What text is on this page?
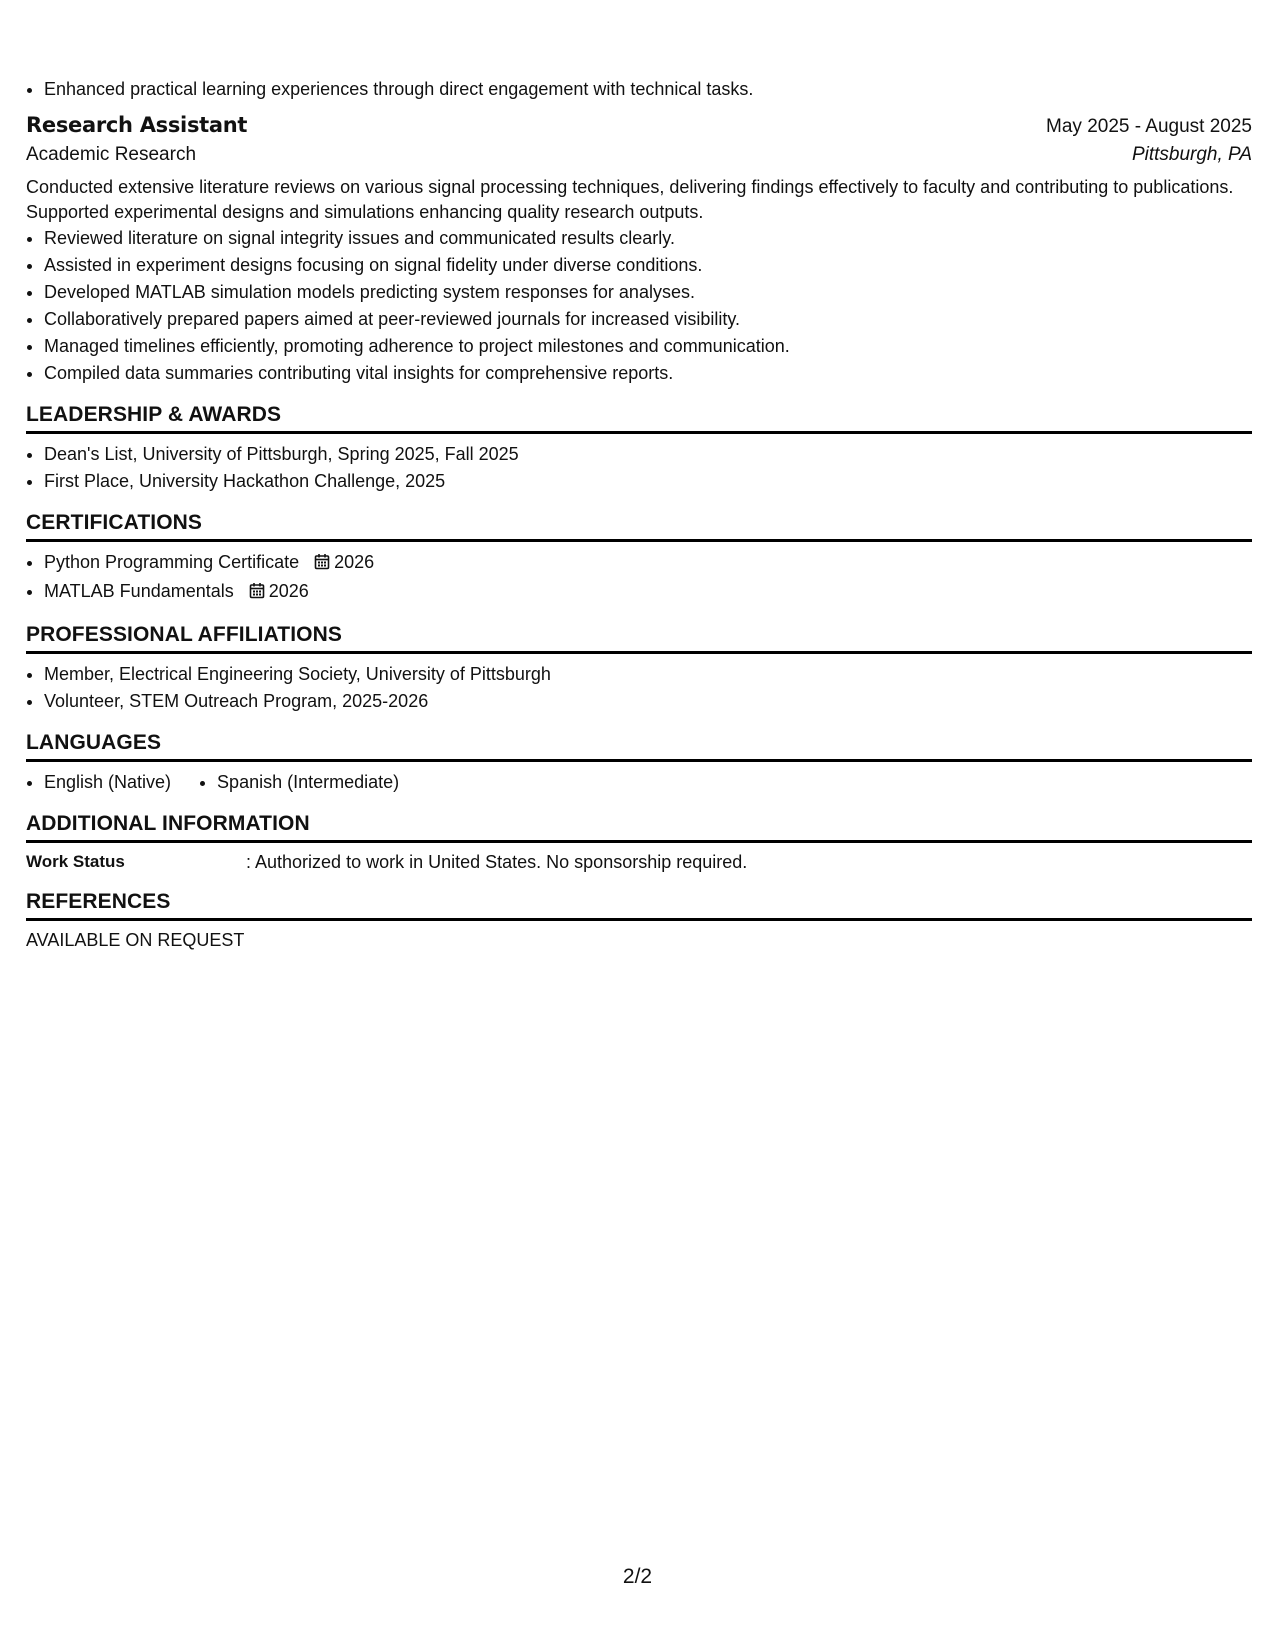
• Enhanced practical learning experiences through direct engagement with technical tasks.
Research Assistant	May 2025 - August 2025
Academic Research	Pittsburgh, PA

Conducted extensive literature reviews on various signal processing techniques, delivering findings effectively to faculty and contributing to publications. Supported experimental designs and simulations enhancing quality research outputs.

• Reviewed literature on signal integrity issues and communicated results clearly.
• Assisted in experiment designs focusing on signal fidelity under diverse conditions.
• Developed MATLAB simulation models predicting system responses for analyses.
• Collaboratively prepared papers aimed at peer-reviewed journals for increased visibility.
• Managed timelines efficiently, promoting adherence to project milestones and communication.
• Compiled data summaries contributing vital insights for comprehensive reports.
LEADERSHIP & AWARDS
• Dean's List, University of Pittsburgh, Spring 2025, Fall 2025
• First Place, University Hackathon Challenge, 2025
CERTIFICATIONS
• Python Programming Certificate 2026
• MATLAB Fundamentals 2026
PROFESSIONAL AFFILIATIONS
• Member, Electrical Engineering Society, University of Pittsburgh
• Volunteer, STEM Outreach Program, 2025-2026
LANGUAGES
• English (Native)
•	Spanish (Intermediate)
ADDITIONAL INFORMATION
Work Status	: Authorized to work in United States. No sponsorship required.
REFERENCES
AVAILABLE ON REQUEST
2/2
